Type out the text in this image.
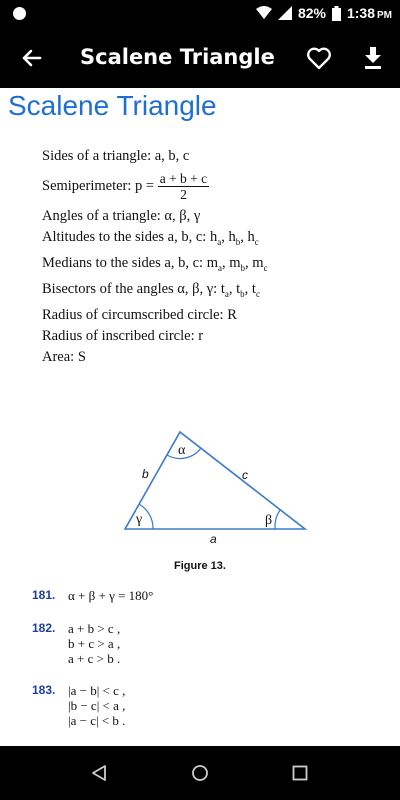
82% 1:38 PM
Scalene Triangle
Scalene Triangle
Sides of a triangle: a, b, c
Semiperimeter: $p = \frac{a + b + c}{2}$
Angles of a triangle: α, β, γ
Altitudes to the sides a, b, c: $h_a$, $h_b$, $h_c$
Medians to the sides a, b, c: $m_a$, $m_b$, $m_c$
Bisectors of the angles α, β, γ: $t_a$, $t_b$, $t_c$
Radius of circumscribed circle: R
Radius of inscribed circle: r
Area: S
α
γ	β
b	c
a
Figure 13.
181. α + β + γ = 180°
182. a + b > c ,
b + c > a ,
a + c > b .
183. |a − b| < c ,
|b − c| < a ,
|a − c| < b .
